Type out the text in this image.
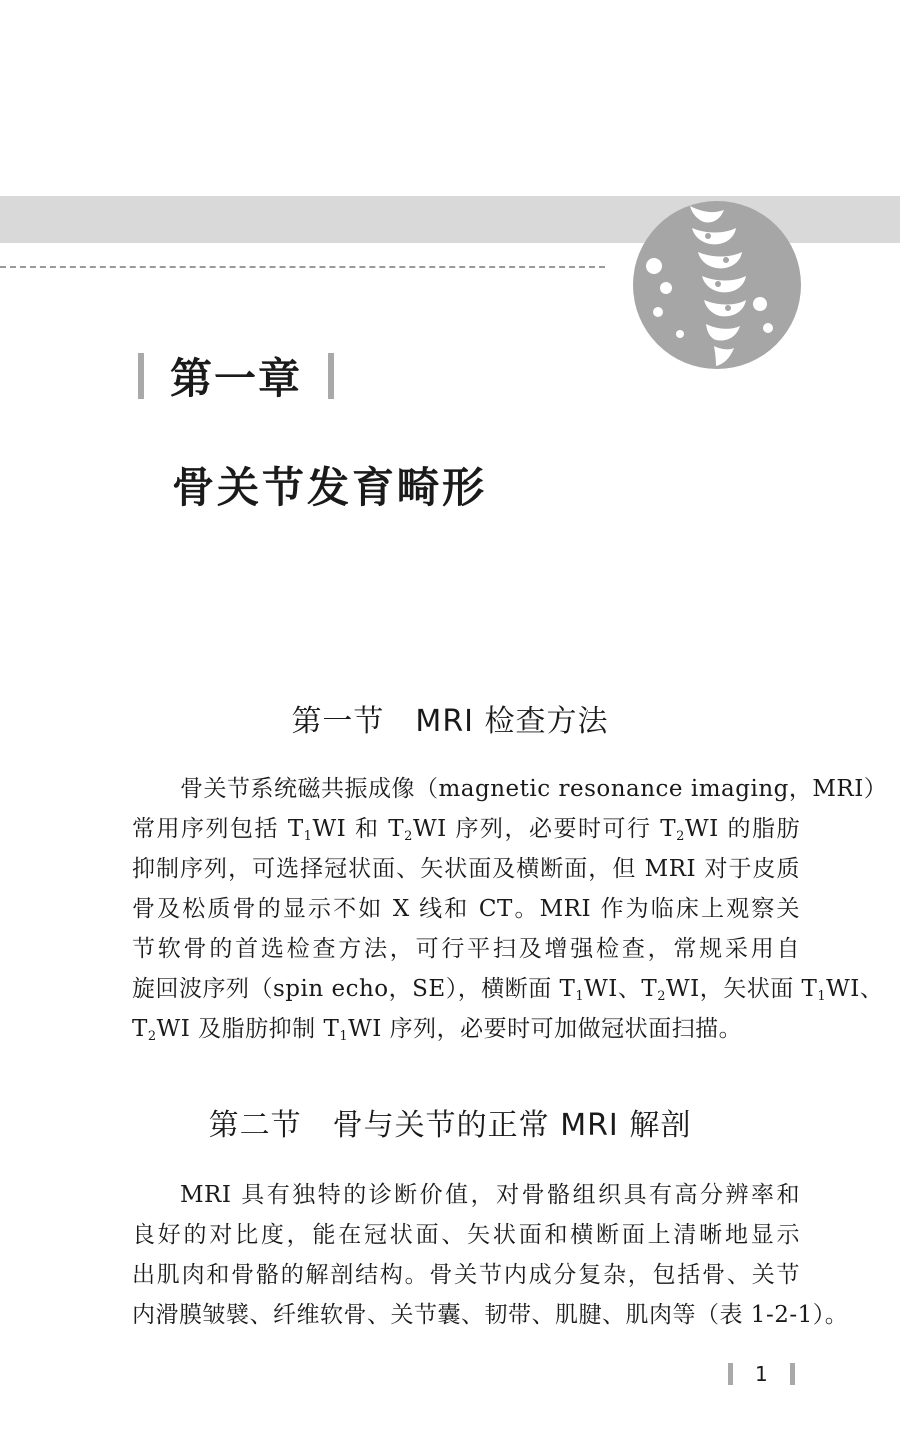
第一章
骨关节发育畸形
第一节　MRI 检查方法
骨关节系统磁共振成像（magnetic resonance imaging，MRI）
常用序列包括 $T_1WI$ 和 $T_2WI$ 序列，必要时可行 $T_2WI$ 的脂肪
抑制序列，可选择冠状面、矢状面及横断面，但 MRI 对于皮质
骨及松质骨的显示不如 X 线和 CT。MRI 作为临床上观察关
节软骨的首选检查方法，可行平扫及增强检查，常规采用自
旋回波序列（spin echo，SE），横断面 $T_1WI$、$T_2WI$，矢状面 $T_1WI$、
$T_2WI$ 及脂肪抑制 $T_1WI$ 序列，必要时可加做冠状面扫描。
第二节　骨与关节的正常 MRI 解剖
MRI 具有独特的诊断价值，对骨骼组织具有高分辨率和
良好的对比度，能在冠状面、矢状面和横断面上清晰地显示
出肌肉和骨骼的解剖结构。骨关节内成分复杂，包括骨、关节
内滑膜皱襞、纤维软骨、关节囊、韧带、肌腱、肌肉等（表 1-2-1）。
1
